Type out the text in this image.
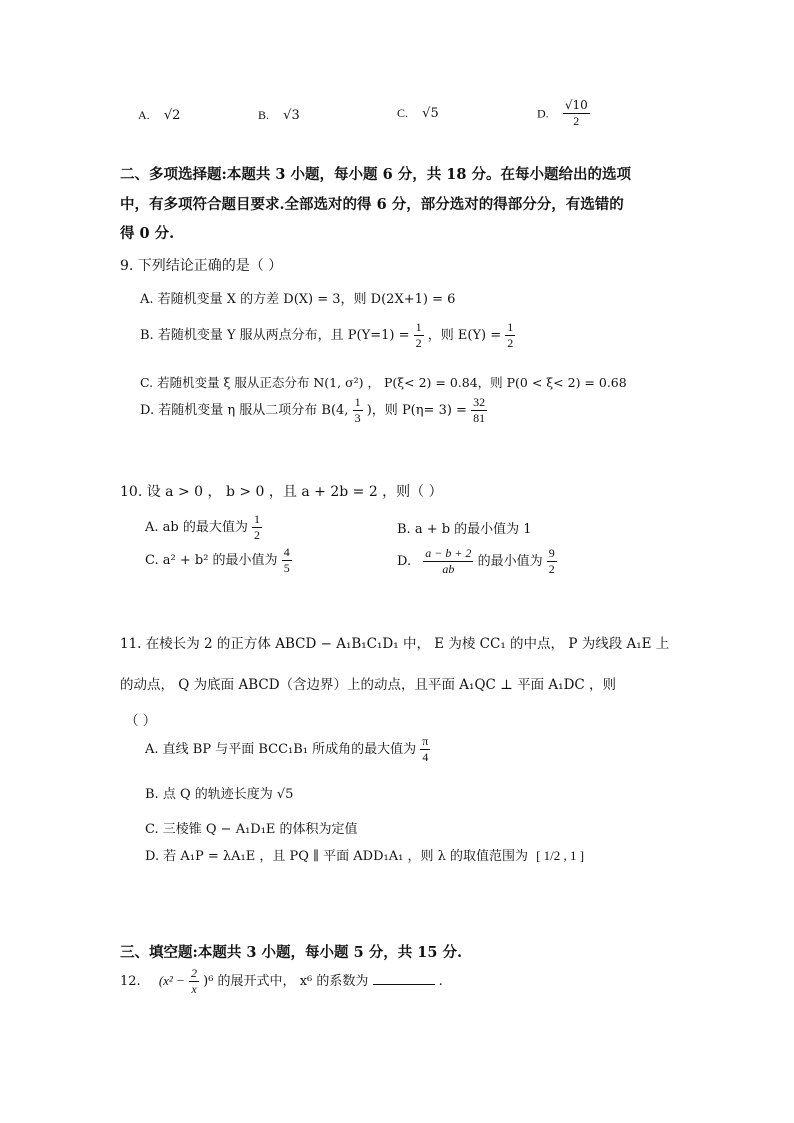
A. √2	B. √3	C. √5	D. $\frac{√10}{2}$
二、多项选择题:本题共 3 小题，每小题 6 分，共 18 分。在每小题给出的选项
中，有多项符合题目要求.全部选对的得 6 分，部分选对的得部分分，有选错的
得 0 分.
9. 下列结论正确的是（ ）
A. 若随机变量 X 的方差 D(X) = 3，则 D(2X+1) = 6
B. 若随机变量 Y 服从两点分布，且 $P(Y=1) = \frac{1}{2}$ ，则 $E(Y) = \frac{1}{2}$
C. 若随机变量 ξ 服从正态分布 N(1, σ²) ， P(ξ< 2) = 0.84，则 P(0 < ξ< 2) = 0.68
D. 若随机变量 η 服从二项分布 B(4, $\frac{1}{3}$ )，则 $P(\eta= 3) = \frac{32}{81}$
10. 设 a > 0 ， b > 0 ，且 a + 2b = 2 ，则（ ）
A. ab 的最大值为 $\frac{1}{2}$	B. a + b 的最小值为 1
C. a² + b² 的最小值为 $\frac{4}{5}$	D. $\frac{a - b + 2}{ab}$ 的最小值为 $\frac{9}{2}$
11. 在棱长为 2 的正方体 ABCD − A₁B₁C₁D₁ 中， E 为棱 CC₁ 的中点， P 为线段 A₁E 上
的动点， Q 为底面 ABCD（含边界）上的动点，且平面 A₁QC ⊥ 平面 A₁DC ，则
（ ）
A. 直线 BP 与平面 BCC₁B₁ 所成角的最大值为 $\frac{\pi}{4}$
B. 点 Q 的轨迹长度为 √5
C. 三棱锥 Q − A₁D₁E 的体积为定值
D. 若 A₁P = λA₁E ，且 PQ ∥ 平面 ADD₁A₁ ，则 λ 的取值范围为 [ 1/2 , 1 ]
三、填空题:本题共 3 小题，每小题 5 分，共 15 分.
12. $(x^2 - \frac{2}{x} )^6$ 的展开式中， x⁶ 的系数为	.
